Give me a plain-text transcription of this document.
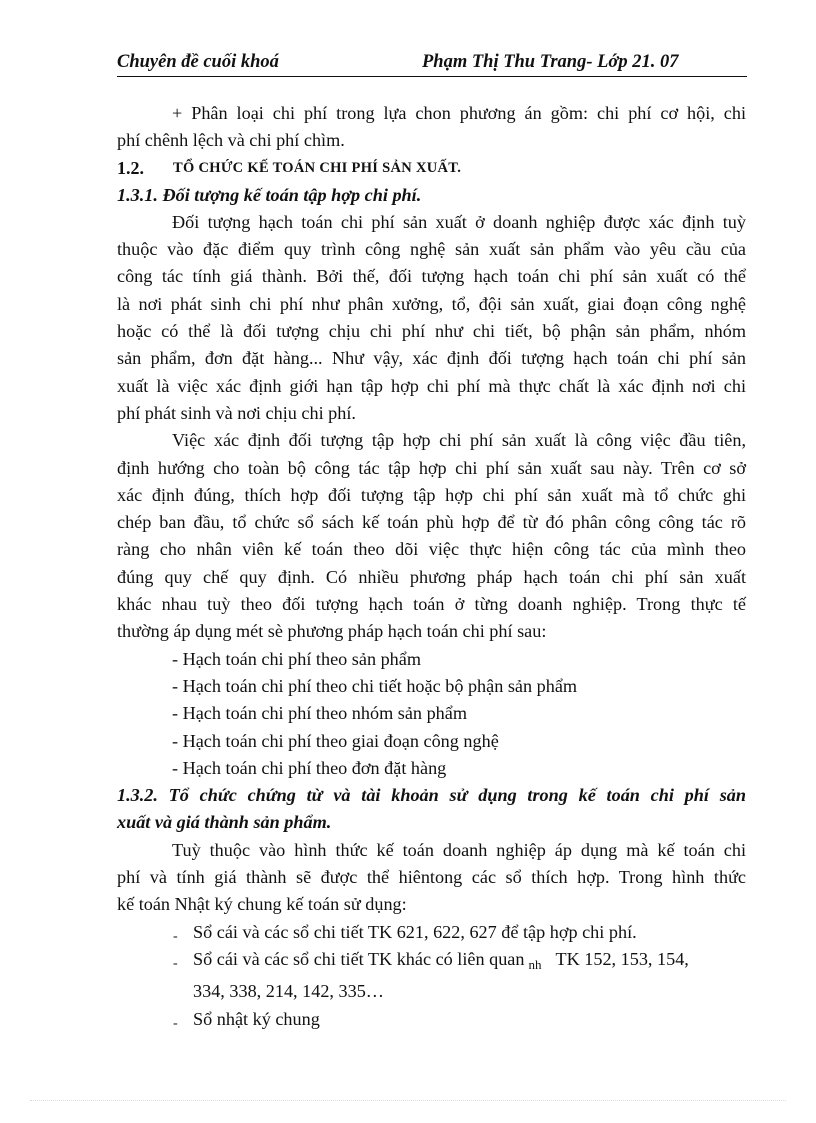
Chuyên đề cuối khoá	Phạm Thị Thu Trang- Lớp 21. 07

+ Phân loại chi phí trong lựa chon phương án gồm: chi phí cơ hội, chi

phí chênh lệch và chi phí chìm.

1.2. TỔ CHỨC KẾ TOÁN CHI PHÍ SẢN XUẤT.

1.3.1. Đối tượng kế toán tập hợp chi phí.

Đối tượng hạch toán chi phí sản xuất ở doanh nghiệp được xác định tuỳ

thuộc vào đặc điểm quy trình công nghệ sản xuất sản phẩm vào yêu cầu của

công tác tính giá thành. Bởi thế, đối tượng hạch toán chi phí sản xuất có thể

là nơi phát sinh chi phí như phân xưởng, tổ, đội sản xuất, giai đoạn công nghệ

hoặc có thể là đối tượng chịu chi phí như chi tiết, bộ phận sản phẩm, nhóm

sản phẩm, đơn đặt hàng... Như vậy, xác định đối tượng hạch toán chi phí sản

xuất là việc xác định giới hạn tập hợp chi phí mà thực chất là xác định nơi chi

phí phát sinh và nơi chịu chi phí.

Việc xác định đối tượng tập hợp chi phí sản xuất là công việc đầu tiên,

định hướng cho toàn bộ công tác tập hợp chi phí sản xuất sau này. Trên cơ sở

xác định đúng, thích hợp đối tượng tập hợp chi phí sản xuất mà tổ chức ghi

chép ban đầu, tổ chức sổ sách kế toán phù hợp để từ đó phân công công tác rõ

ràng cho nhân viên kế toán theo dõi việc thực hiện công tác của mình theo

đúng quy chế quy định. Có nhiều phương pháp hạch toán chi phí sản xuất

khác nhau tuỳ theo đối tượng hạch toán ở từng doanh nghiệp. Trong thực tế

thường áp dụng mét sè phương pháp hạch toán chi phí sau:

- Hạch toán chi phí theo sản phẩm

- Hạch toán chi phí theo chi tiết hoặc bộ phận sản phẩm

- Hạch toán chi phí theo nhóm sản phẩm

- Hạch toán chi phí theo giai đoạn công nghệ

- Hạch toán chi phí theo đơn đặt hàng

1.3.2. Tổ chức chứng từ và tài khoản sử dụng trong kế toán chi phí sản

xuất và giá thành sản phẩm.

Tuỳ thuộc vào hình thức kế toán doanh nghiệp áp dụng mà kế toán chi

phí và tính giá thành sẽ được thể hiêntong các sổ thích hợp. Trong hình thức

kế toán Nhật ký chung kế toán sử dụng:

- Sổ cái và các sổ chi tiết TK 621, 622, 627 để tập hợp chi phí.

- Sổ cái và các sổ chi tiết TK khác có liên quan $_{nh}$ TK 152, 153, 154,

334, 338, 214, 142, 335…

- Sổ nhật ký chung
